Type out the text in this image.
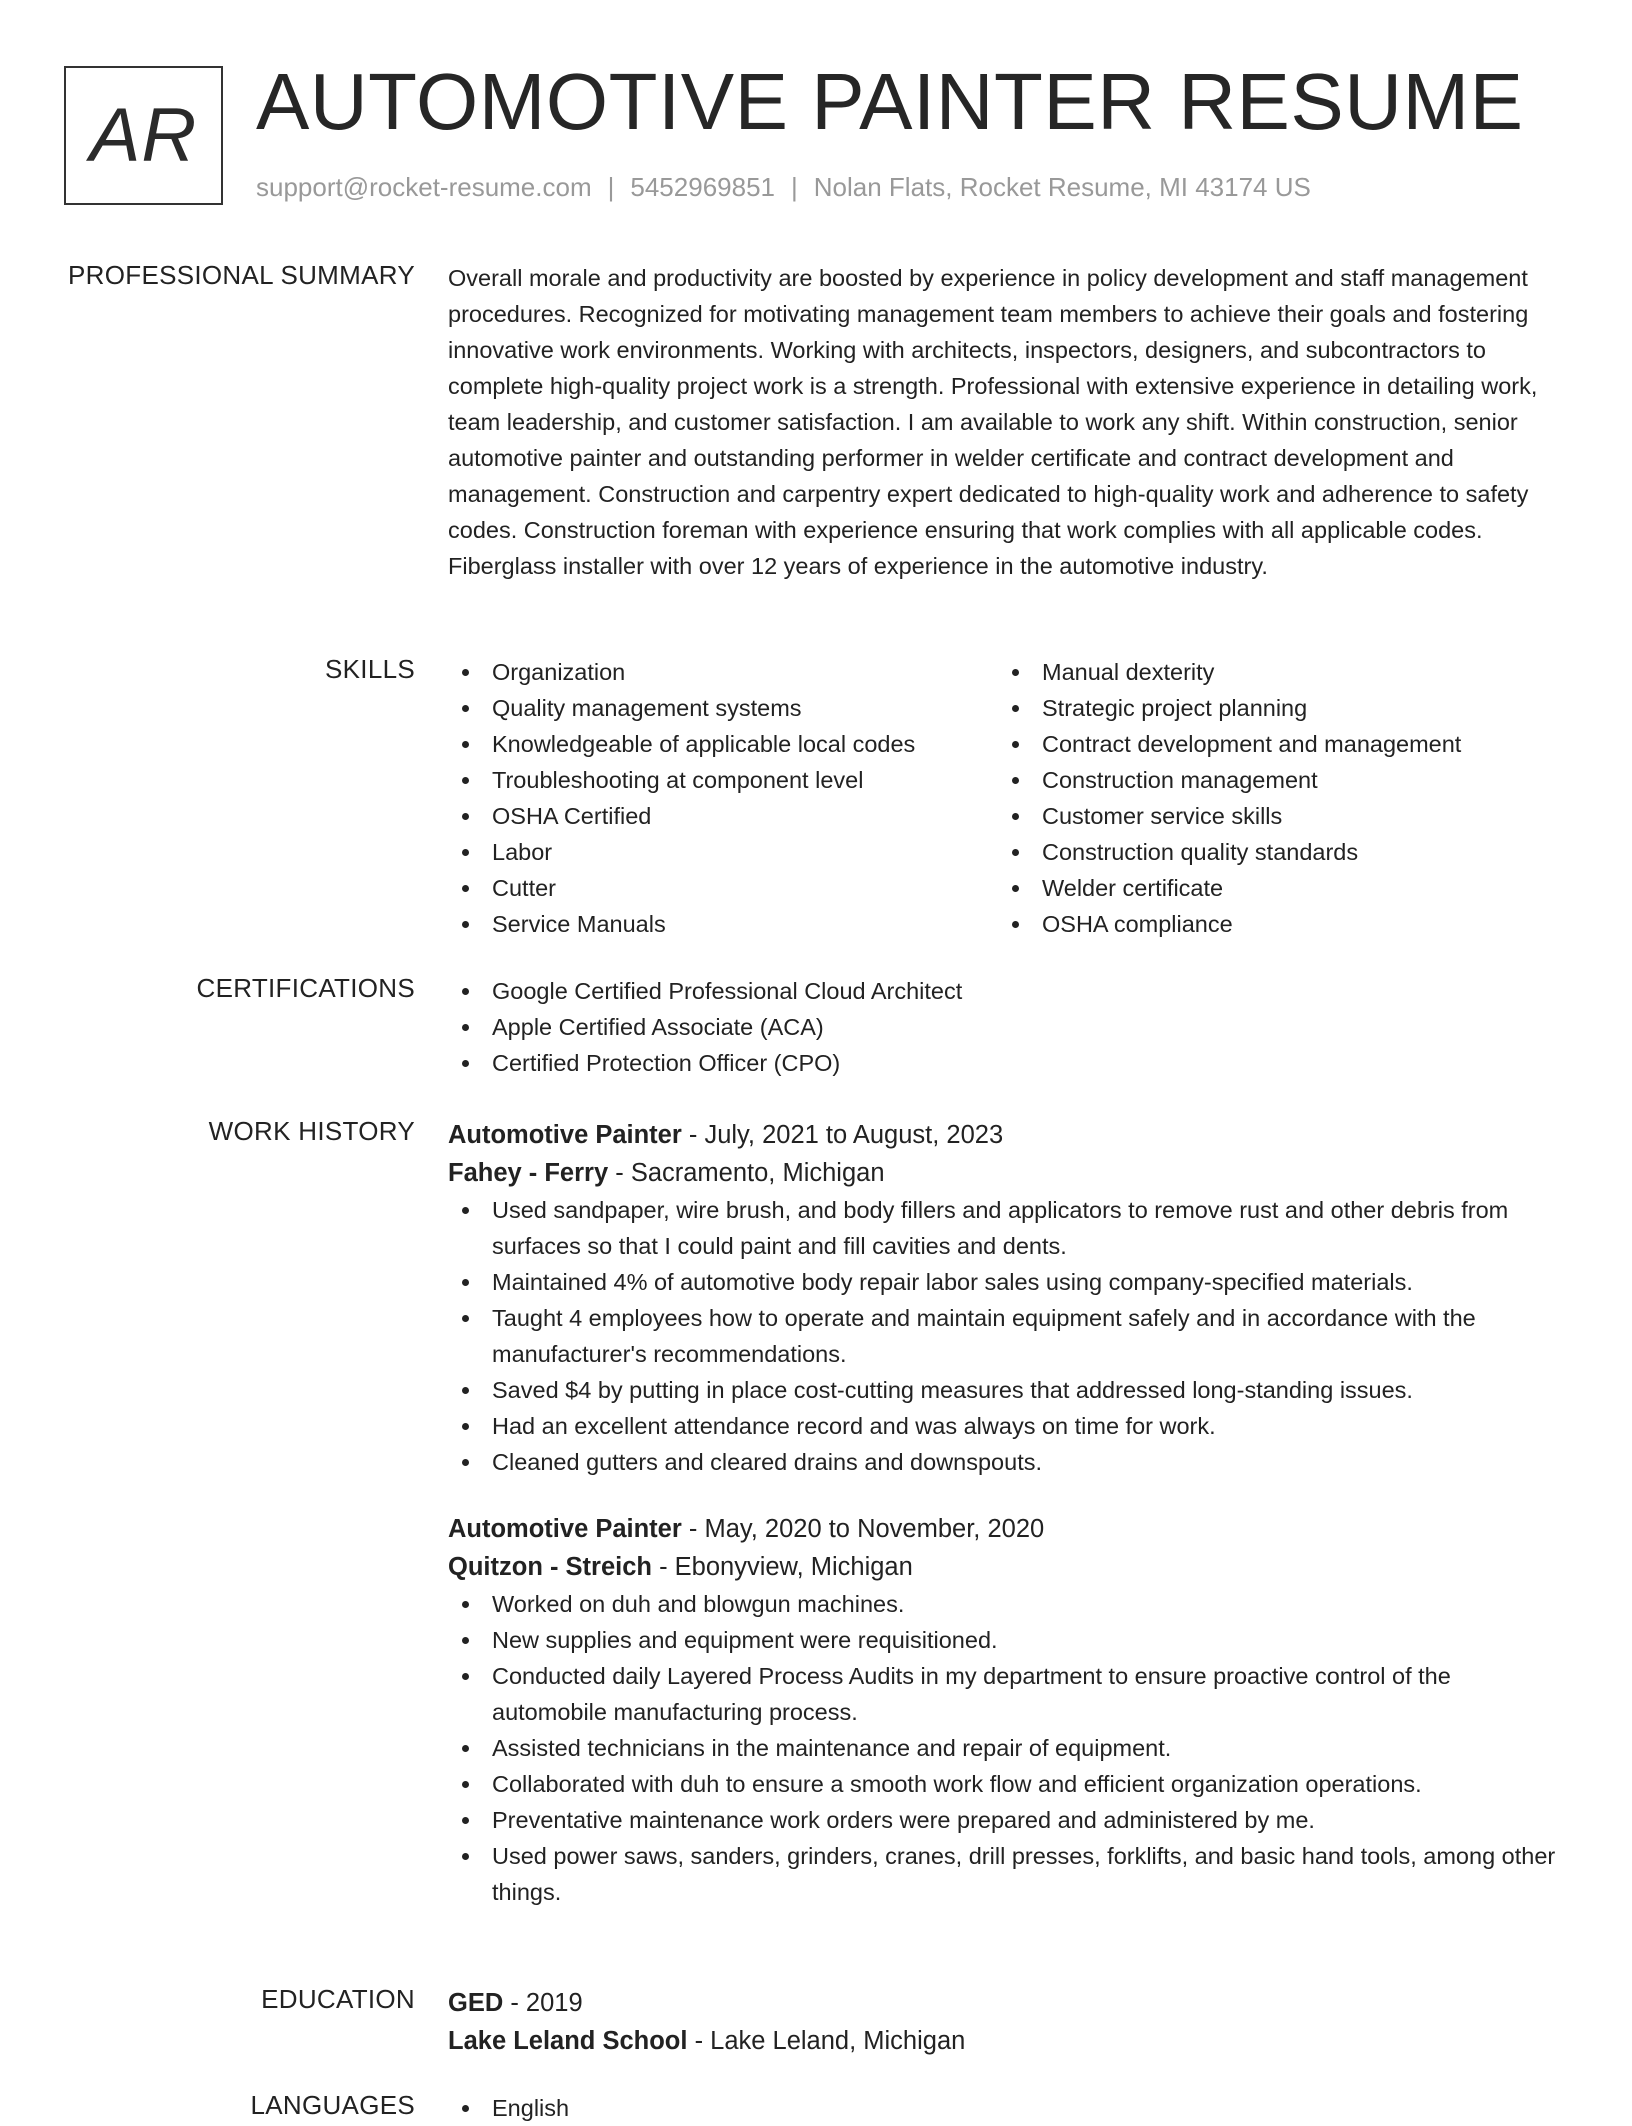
AR AUTOMOTIVE PAINTER RESUME
support@rocket-resume.com | 5452969851 | Nolan Flats, Rocket Resume, MI 43174 US
PROFESSIONAL SUMMARY Overall morale and productivity are boosted by experience in policy development and staff management procedures. Recognized for motivating management team members to achieve their goals and fostering innovative work environments. Working with architects, inspectors, designers, and subcontractors to complete high-quality project work is a strength. Professional with extensive experience in detailing work, team leadership, and customer satisfaction. I am available to work any shift. Within construction, senior automotive painter and outstanding performer in welder certificate and contract development and management. Construction and carpentry expert dedicated to high-quality work and adherence to safety codes. Construction foreman with experience ensuring that work complies with all applicable codes. Fiberglass installer with over 12 years of experience in the automotive industry.
SKILLS	Organization
Quality management systems
Knowledgeable of applicable local codes
Troubleshooting at component level
OSHA Certified
Labor
Cutter
Service Manuals
Manual dexterity
Strategic project planning
Contract development and management
Construction management
Customer service skills
Construction quality standards
Welder certificate
OSHA compliance
CERTIFICATIONS	Google Certified Professional Cloud Architect
Apple Certified Associate (ACA)
Certified Protection Officer (CPO)
WORK HISTORY Automotive Painter - July, 2021 to August, 2023
Fahey - Ferry - Sacramento, Michigan
Used sandpaper, wire brush, and body fillers and applicators to remove rust and other debris from surfaces so that I could paint and fill cavities and dents.
Maintained 4% of automotive body repair labor sales using company-specified materials.
Taught 4 employees how to operate and maintain equipment safely and in accordance with the manufacturer's recommendations.
Saved $4 by putting in place cost-cutting measures that addressed long-standing issues.
Had an excellent attendance record and was always on time for work.
Cleaned gutters and cleared drains and downspouts.
Automotive Painter - May, 2020 to November, 2020
Quitzon - Streich - Ebonyview, Michigan
Worked on duh and blowgun machines.
New supplies and equipment were requisitioned.
Conducted daily Layered Process Audits in my department to ensure proactive control of the automobile manufacturing process.
Assisted technicians in the maintenance and repair of equipment.
Collaborated with duh to ensure a smooth work flow and efficient organization operations.
Preventative maintenance work orders were prepared and administered by me.
Used power saws, sanders, grinders, cranes, drill presses, forklifts, and basic hand tools, among other things.
EDUCATION GED - 2019
Lake Leland School - Lake Leland, Michigan
LANGUAGES	English
